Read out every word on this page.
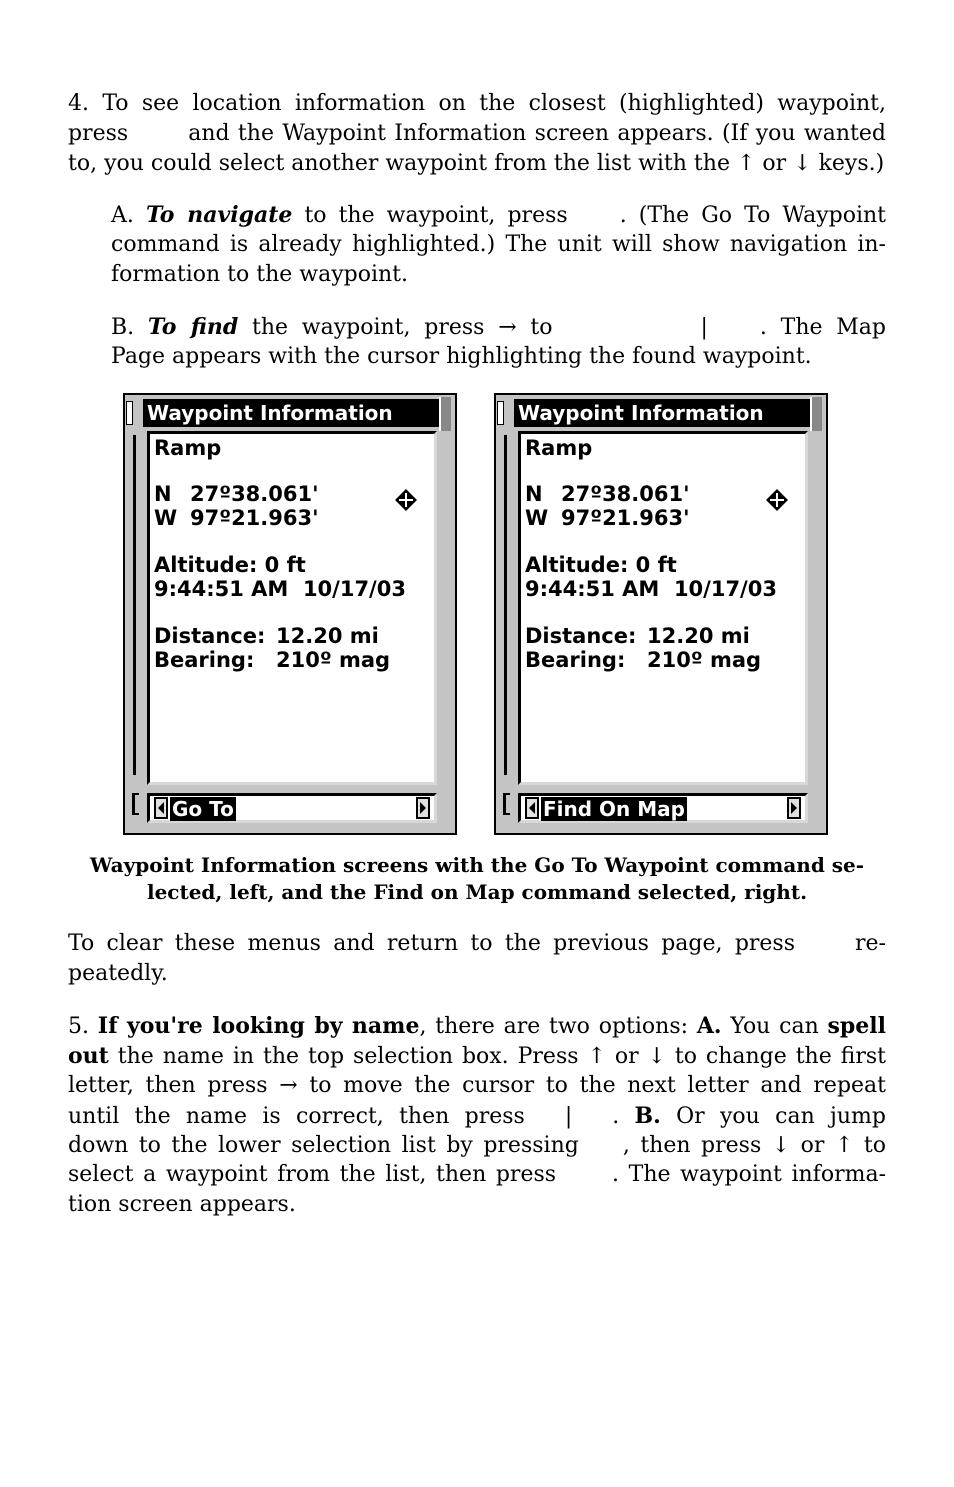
4. To see location information on the closest (highlighted) waypoint,

press	and the Waypoint Information screen appears. (If you wanted

to, you could select another waypoint from the list with the ↑ or ↓ keys.)

A. To navigate to the waypoint, press . (The Go To Waypoint

command is already highlighted.) The unit will show navigation in-

formation to the waypoint.

B. To find the waypoint, press → to	| . The Map

Page appears with the cursor highlighting the found waypoint.

Waypoint Information
Ramp
N 27º38.061'
W 97º21.963'
Altitude: 0 ft
9:44:51 AM  10/17/03
Distance: 12.20 mi
Bearing: 210º mag
Go To
Waypoint Information
Ramp
N 27º38.061'
W 97º21.963'
Altitude: 0 ft
9:44:51 AM  10/17/03
Distance: 12.20 mi
Bearing: 210º mag
Find On Map
Waypoint Information screens with the Go To Waypoint command se-
lected, left, and the Find on Map command selected, right.

To clear these menus and return to the previous page, press	re-

peatedly.

5. If you're looking by name, there are two options: A. You can spell

out the name in the top selection box. Press ↑ or ↓ to change the first

letter, then press → to move the cursor to the next letter and repeat

until the name is correct, then press | . B. Or you can jump

down to the lower selection list by pressing , then press ↓ or ↑ to

select a waypoint from the list, then press	. The waypoint informa-

tion screen appears.
